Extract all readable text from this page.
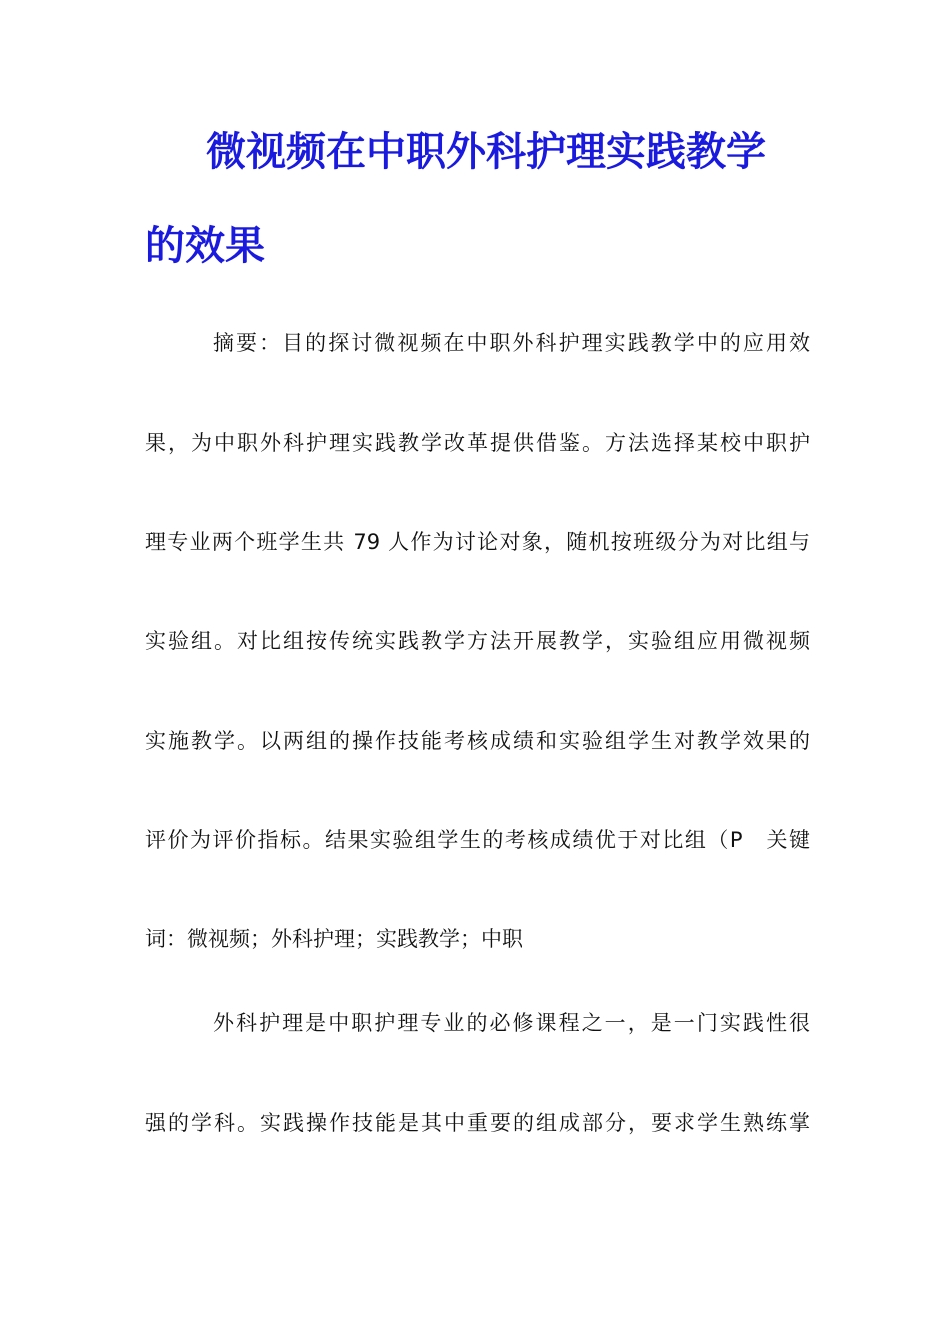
微视频在中职外科护理实践教学
的效果

摘要：目的探讨微视频在中职外科护理实践教学中的应用效

果，为中职外科护理实践教学改革提供借鉴。方法选择某校中职护

理专业两个班学生共 79 人作为讨论对象，随机按班级分为对比组与

实验组。对比组按传统实践教学方法开展教学，实验组应用微视频

实施教学。以两组的操作技能考核成绩和实验组学生对教学效果的

评价为评价指标。结果实验组学生的考核成绩优于对比组（P　关键

词：微视频；外科护理；实践教学；中职

外科护理是中职护理专业的必修课程之一，是一门实践性很

强的学科。实践操作技能是其中重要的组成部分，要求学生熟练掌
